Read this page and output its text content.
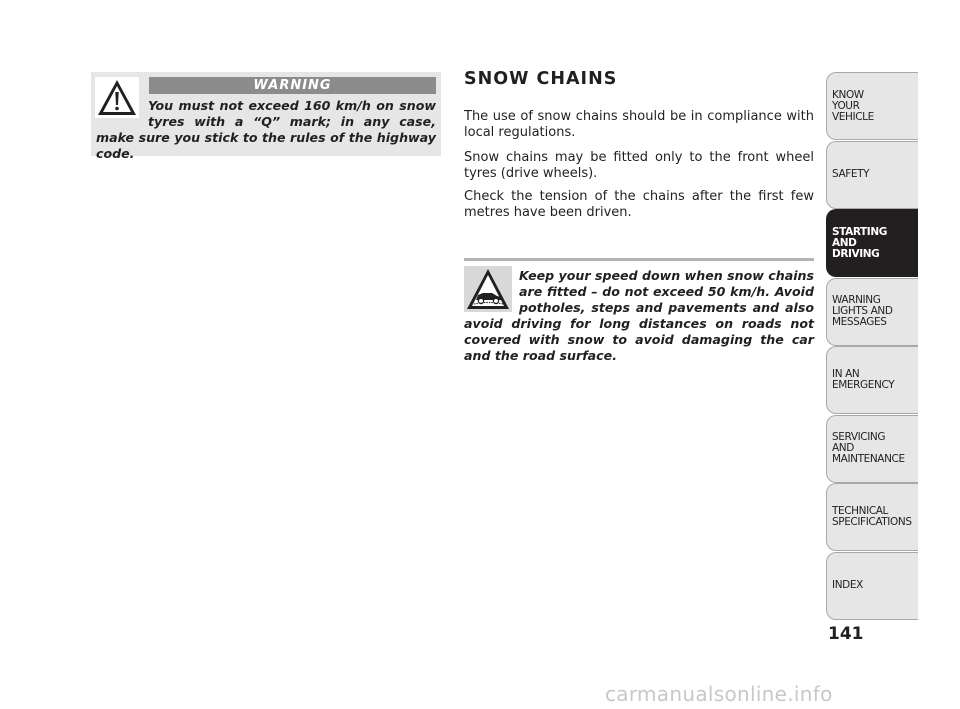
WARNING
You must not exceed 160 km/h on snow tyres with a “Q” mark; in any case, make sure you stick to the rules of the highway code.
SNOW CHAINS

The use of snow chains should be in compliance with local regulations.

Snow chains may be fitted only to the front wheel tyres (drive wheels).

Check the tension of the chains after the first few metres have been driven.

Keep your speed down when snow chains are fitted – do not exceed 50 km/h. Avoid potholes, steps and pavements and also avoid driving for long distances on roads not covered with snow to avoid damaging the car and the road surface.
KNOW
YOUR
VEHICLE
SAFETY
STARTING
AND
DRIVING
WARNING
LIGHTS AND
MESSAGES
IN AN
EMERGENCY
SERVICING
AND
MAINTENANCE
TECHNICAL
SPECIFICATIONS
INDEX
141
carmanualsonline.info
